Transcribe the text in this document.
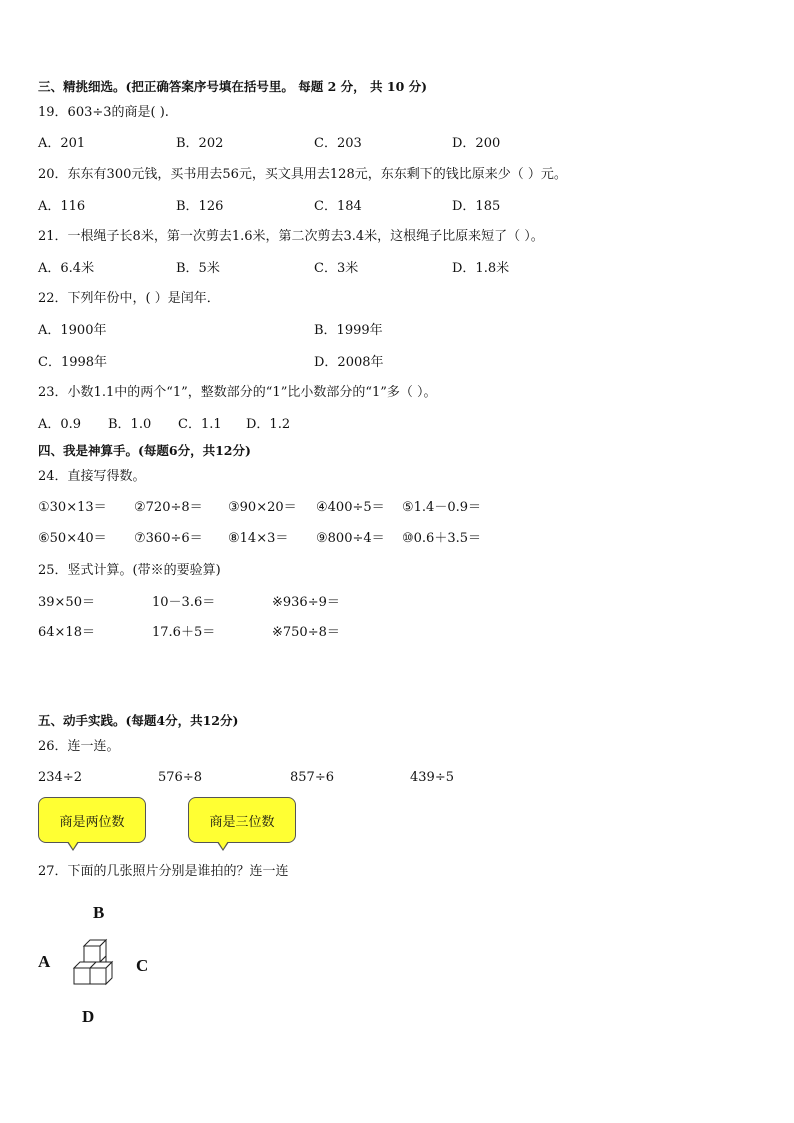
三、精挑细选。(把正确答案序号填在括号里。 每题 2 分， 共 10 分)
19．603÷3的商是( ).
A．201	B．202	C．203	D．200
20．东东有300元钱，买书用去56元，买文具用去128元，东东剩下的钱比原来少（ ）元。
A．116	B．126	C．184	D．185
21．一根绳子长8米，第一次剪去1.6米，第二次剪去3.4米，这根绳子比原来短了（ ）。
A．6.4米	B．5米	C．3米	D．1.8米
22．下列年份中，( ）是闰年．
A．1900年	B．1999年
C．1998年	D．2008年
23．小数1.1中的两个“1”，整数部分的“1”比小数部分的“1”多（ ）。
A．0.9 B．1.0 C．1.1 D．1.2
四、我是神算手。(每题6分，共12分)
24．直接写得数。
①30×13＝ ②720÷8＝ ③90×20＝ ④400÷5＝ ⑤1.4－0.9＝
⑥50×40＝ ⑦360÷6＝ ⑧14×3＝ ⑨800÷4＝ ⑩0.6＋3.5＝
25．竖式计算。(带※的要验算)
39×50＝	10－3.6＝	※936÷9＝
64×18＝	17.6＋5＝	※750÷8＝
五、动手实践。(每题4分，共12分)
26．连一连。
234÷2	576÷8	857÷6	439÷5
商是两位数	商是三位数
27．下面的几张照片分别是谁拍的？连一连
A
B
C
D
